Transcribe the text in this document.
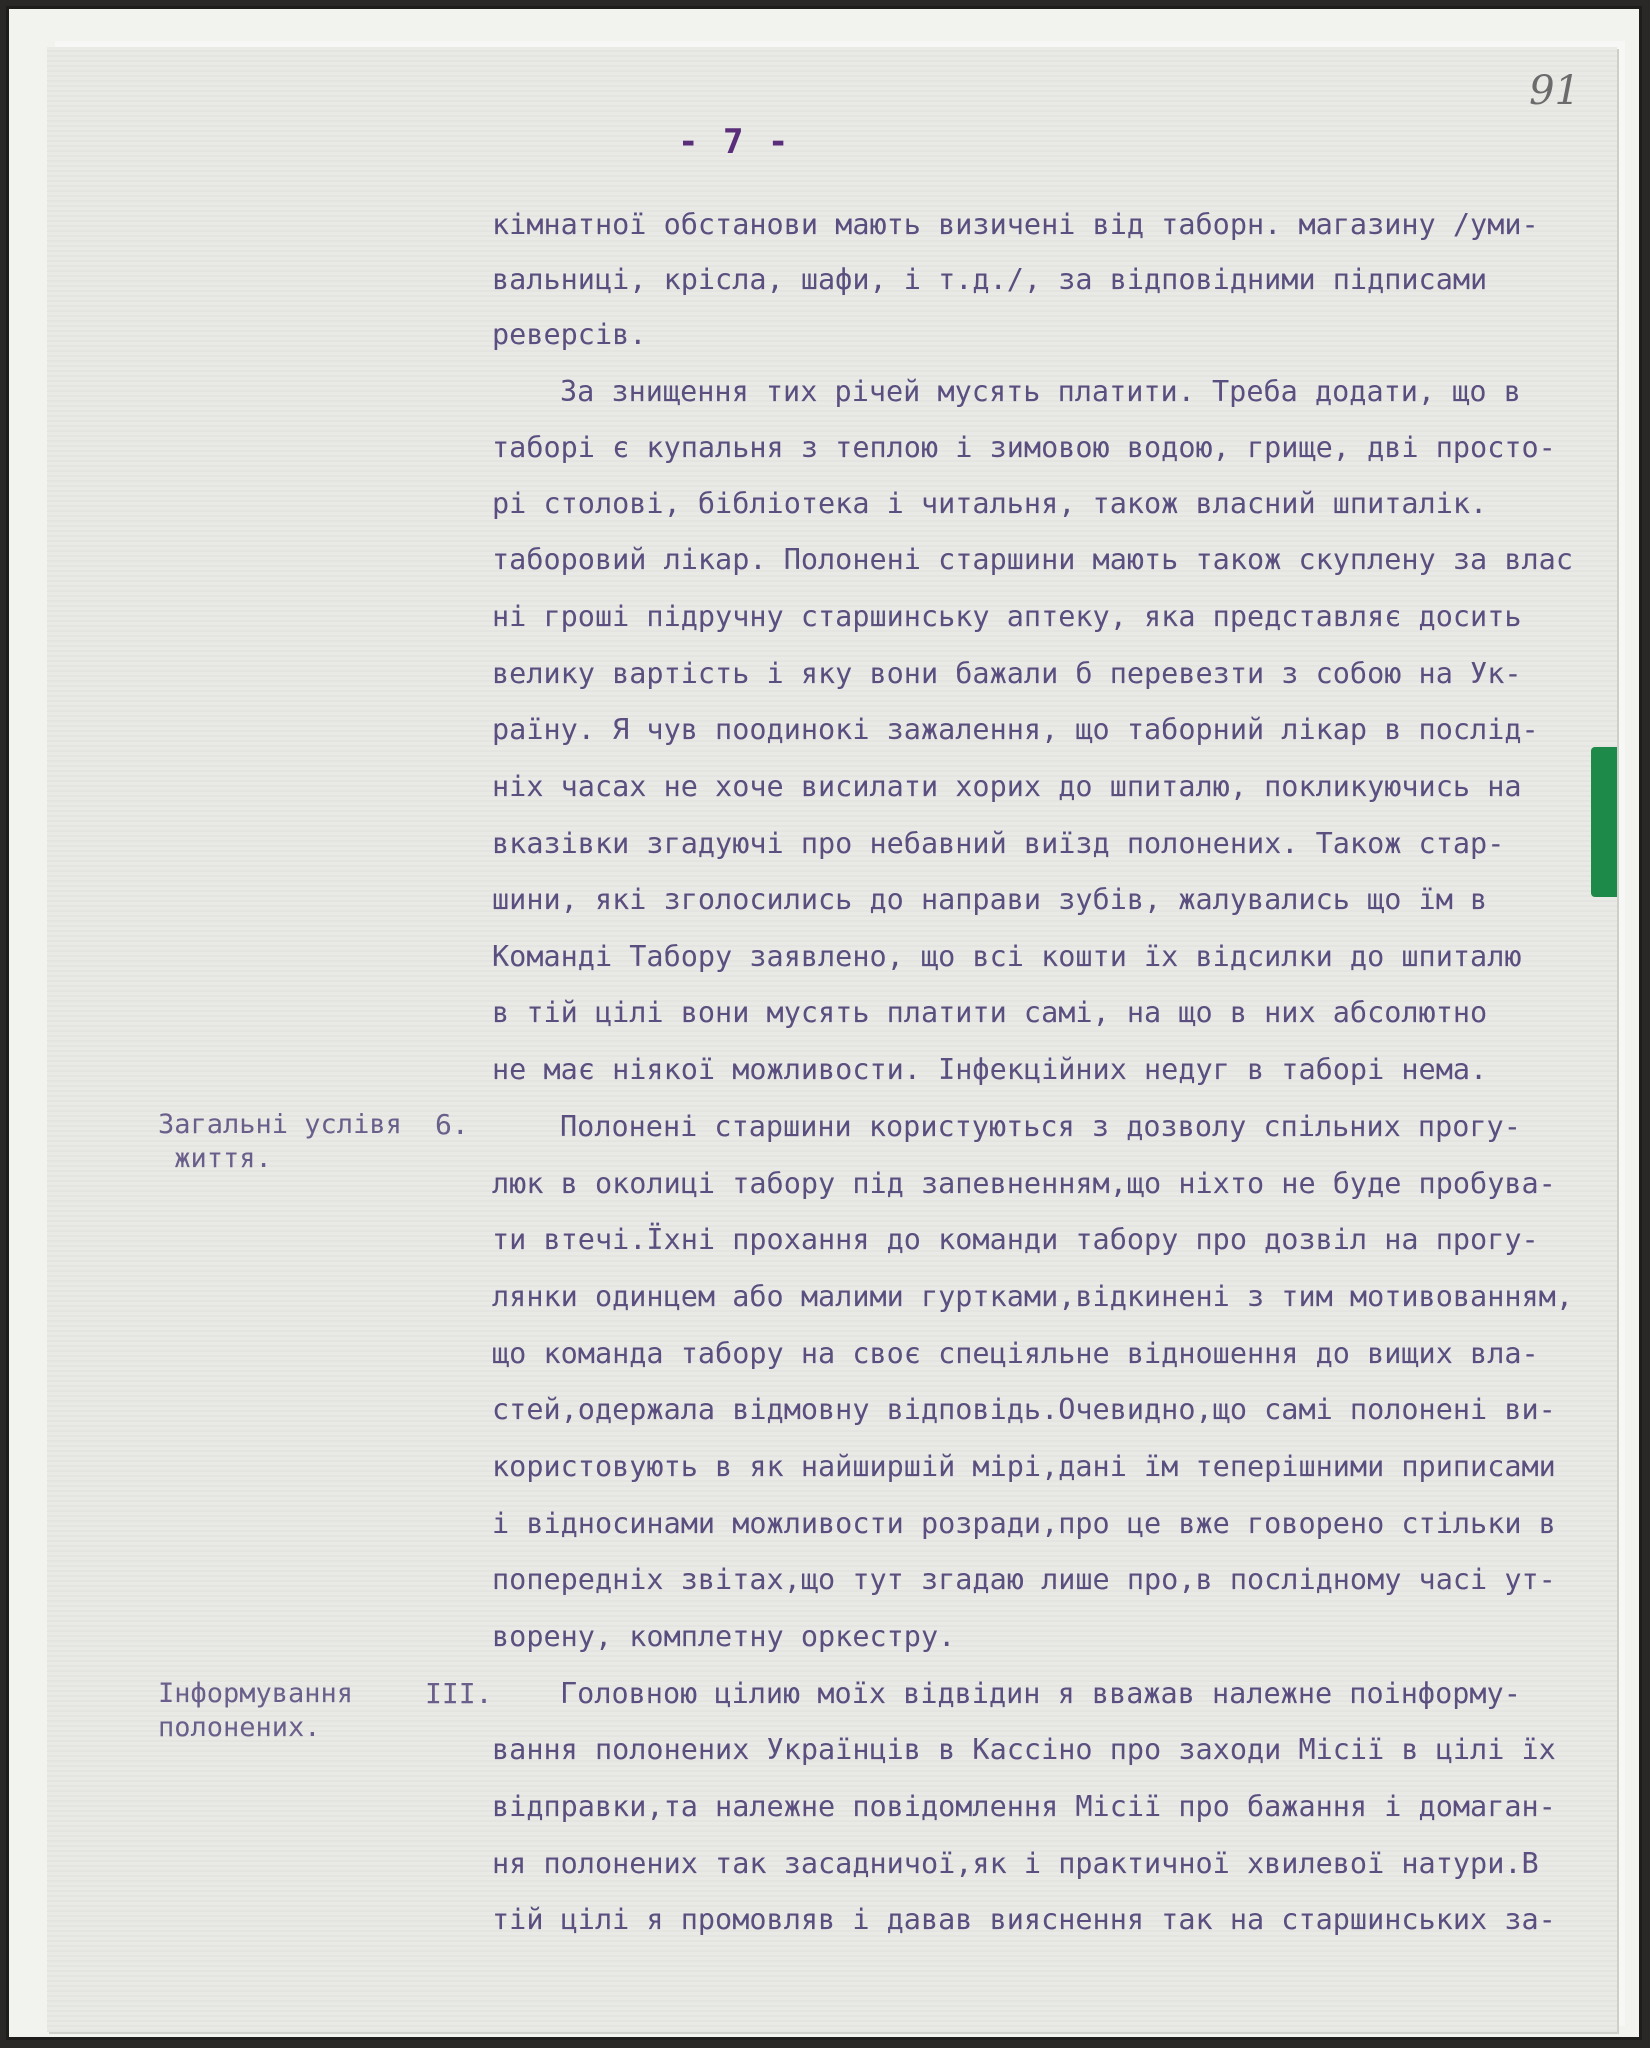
91
- 7 -
кімнатної обстанови мають визичені від таборн. магазину /уми-
вальниці, крісла, шафи, і т.д./, за відповідними підписами
реверсів.
За знищення тих річей мусять платити. Треба додати, що в
таборі є купальня з теплою і зимовою водою, грище, дві просто-
рі столові, бібліотека і читальня, також власний шпиталік.
таборовий лікар. Полонені старшини мають також скуплену за влас
ні гроші підручну старшинську аптеку, яка представляє досить
велику вартість і яку вони бажали б перевезти з собою на Ук-
раїну. Я чув поодинокі зажалення, що таборний лікар в послід-
ніх часах не хоче висилати хорих до шпиталю, покликуючись на
вказівки згадуючі про небавний виїзд полонених. Також стар-
шини, які зголосились до направи зубів, жалувались що їм в
Команді Табору заявлено, що всі кошти їх відсилки до шпиталю
в тій цілі вони мусять платити самі, на що в них абсолютно
не має ніякої можливости. Інфекційних недуг в таборі нема.
Полонені старшини користуються з дозволу спільних прогу-
люк в околиці табору під запевненням,що ніхто не буде пробува-
ти втечі.Їхні прохання до команди табору про дозвіл на прогу-
лянки одинцем або малими гуртками,відкинені з тим мотивованням,
що команда табору на своє спеціяльне відношення до вищих вла-
стей,одержала відмовну відповідь.Очевидно,що самі полонені ви-
користовують в як найширшій мірі,дані їм теперішними приписами
і відносинами можливости розради,про це вже говорено стільки в
попередніх звітах,що тут згадаю лише про,в послідному часі ут-
ворену, комплетну оркестру.
Головною цілию моїх відвідин я вважав належне поінформу-
вання полонених Українців в Кассіно про заходи Місії в цілі їх
відправки,та належне повідомлення Місії про бажання і домаган-
ня полонених так засадничої,як і практичної хвилевої натури.В
тій цілі я промовляв і давав вияснення так на старшинських за-
Загальні услівя
життя.
6.
Інформування
полонених.
III.
